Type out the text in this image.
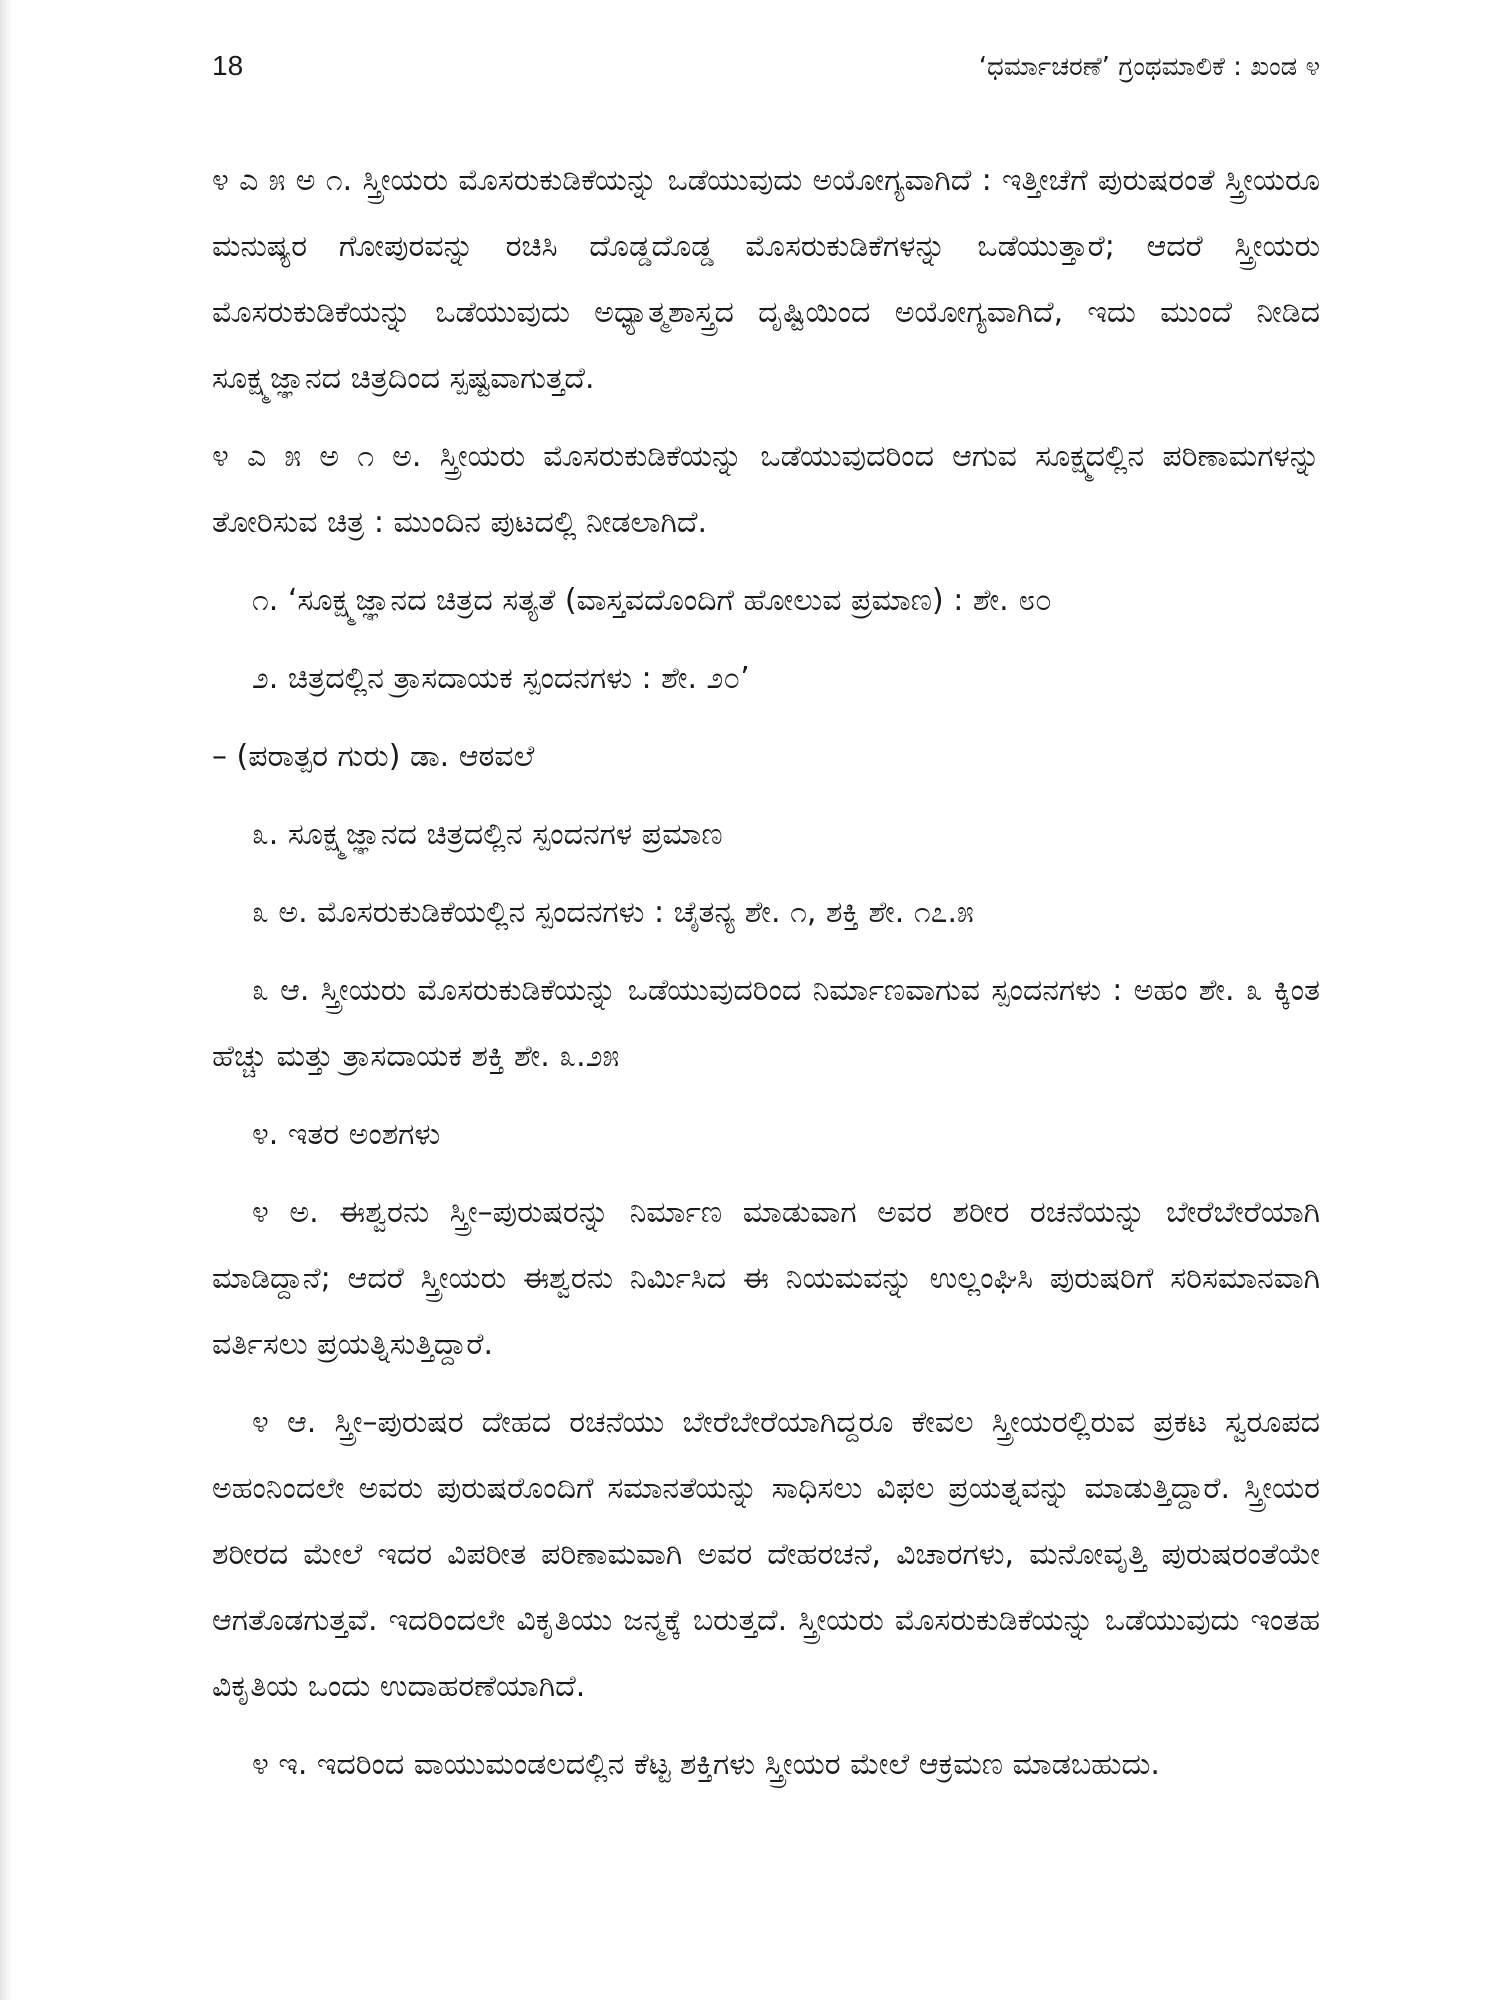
18	‘ಧರ್ಮಾಚರಣೆ’ ಗ್ರಂಥಮಾಲಿಕೆ : ಖಂಡ ೪

೪ ಎ ೫ ಅ ೧. ಸ್ತ್ರೀಯರು ಮೊಸರುಕುಡಿಕೆಯನ್ನು ಒಡೆಯುವುದು ಅಯೋಗ್ಯವಾಗಿದೆ : ಇತ್ತೀಚೆಗೆ ಪುರುಷರಂತೆ ಸ್ತ್ರೀಯರೂ ಮನುಷ್ಯರ ಗೋಪುರವನ್ನು ರಚಿಸಿ ದೊಡ್ಡದೊಡ್ಡ ಮೊಸರುಕುಡಿಕೆಗಳನ್ನು ಒಡೆಯುತ್ತಾರೆ; ಆದರೆ ಸ್ತ್ರೀಯರು ಮೊಸರುಕುಡಿಕೆಯನ್ನು ಒಡೆಯುವುದು ಅಧ್ಯಾತ್ಮಶಾಸ್ತ್ರದ ದೃಷ್ಟಿಯಿಂದ ಅಯೋಗ್ಯವಾಗಿದೆ, ಇದು ಮುಂದೆ ನೀಡಿದ ಸೂಕ್ಷ್ಮಜ್ಞಾನದ ಚಿತ್ರದಿಂದ ಸ್ಪಷ್ಟವಾಗುತ್ತದೆ.

೪ ಎ ೫ ಅ ೧ ಅ. ಸ್ತ್ರೀಯರು ಮೊಸರುಕುಡಿಕೆಯನ್ನು ಒಡೆಯುವುದರಿಂದ ಆಗುವ ಸೂಕ್ಷ್ಮದಲ್ಲಿನ ಪರಿಣಾಮಗಳನ್ನು ತೋರಿಸುವ ಚಿತ್ರ : ಮುಂದಿನ ಪುಟದಲ್ಲಿ ನೀಡಲಾಗಿದೆ.

೧. ‘ಸೂಕ್ಷ್ಮಜ್ಞಾನದ ಚಿತ್ರದ ಸತ್ಯತೆ (ವಾಸ್ತವದೊಂದಿಗೆ ಹೋಲುವ ಪ್ರಮಾಣ) : ಶೇ. ೮೦

೨. ಚಿತ್ರದಲ್ಲಿನ ತ್ರಾಸದಾಯಕ ಸ್ಪಂದನಗಳು : ಶೇ. ೨೦’

– (ಪರಾತ್ಪರ ಗುರು) ಡಾ. ಆಠವಲೆ

೩. ಸೂಕ್ಷ್ಮಜ್ಞಾನದ ಚಿತ್ರದಲ್ಲಿನ ಸ್ಪಂದನಗಳ ಪ್ರಮಾಣ

೩ ಅ. ಮೊಸರುಕುಡಿಕೆಯಲ್ಲಿನ ಸ್ಪಂದನಗಳು : ಚೈತನ್ಯ ಶೇ. ೧, ಶಕ್ತಿ ಶೇ. ೧೭.೫

೩ ಆ. ಸ್ತ್ರೀಯರು ಮೊಸರುಕುಡಿಕೆಯನ್ನು ಒಡೆಯುವುದರಿಂದ ನಿರ್ಮಾಣವಾಗುವ ಸ್ಪಂದನಗಳು : ಅಹಂ ಶೇ. ೩ ಕ್ಕಿಂತ ಹೆಚ್ಚು ಮತ್ತು ತ್ರಾಸದಾಯಕ ಶಕ್ತಿ ಶೇ. ೩.೨೫

೪. ಇತರ ಅಂಶಗಳು

೪ ಅ. ಈಶ್ವರನು ಸ್ತ್ರೀ–ಪುರುಷರನ್ನು ನಿರ್ಮಾಣ ಮಾಡುವಾಗ ಅವರ ಶರೀರ ರಚನೆಯನ್ನು ಬೇರೆಬೇರೆಯಾಗಿ ಮಾಡಿದ್ದಾನೆ; ಆದರೆ ಸ್ತ್ರೀಯರು ಈಶ್ವರನು ನಿರ್ಮಿಸಿದ ಈ ನಿಯಮವನ್ನು ಉಲ್ಲಂಘಿಸಿ ಪುರುಷರಿಗೆ ಸರಿಸಮಾನವಾಗಿ ವರ್ತಿಸಲು ಪ್ರಯತ್ನಿಸುತ್ತಿದ್ದಾರೆ.

೪ ಆ. ಸ್ತ್ರೀ–ಪುರುಷರ ದೇಹದ ರಚನೆಯು ಬೇರೆಬೇರೆಯಾಗಿದ್ದರೂ ಕೇವಲ ಸ್ತ್ರೀಯರಲ್ಲಿರುವ ಪ್ರಕಟ ಸ್ವರೂಪದ ಅಹಂನಿಂದಲೇ ಅವರು ಪುರುಷರೊಂದಿಗೆ ಸಮಾನತೆಯನ್ನು ಸಾಧಿಸಲು ವಿಫಲ ಪ್ರಯತ್ನವನ್ನು ಮಾಡುತ್ತಿದ್ದಾರೆ. ಸ್ತ್ರೀಯರ ಶರೀರದ ಮೇಲೆ ಇದರ ವಿಪರೀತ ಪರಿಣಾಮವಾಗಿ ಅವರ ದೇಹರಚನೆ, ವಿಚಾರಗಳು, ಮನೋವೃತ್ತಿ ಪುರುಷರಂತೆಯೇ ಆಗತೊಡಗುತ್ತವೆ. ಇದರಿಂದಲೇ ವಿಕೃತಿಯು ಜನ್ಮಕ್ಕೆ ಬರುತ್ತದೆ. ಸ್ತ್ರೀಯರು ಮೊಸರುಕುಡಿಕೆಯನ್ನು ಒಡೆಯುವುದು ಇಂತಹ ವಿಕೃತಿಯ ಒಂದು ಉದಾಹರಣೆಯಾಗಿದೆ.

೪ ಇ. ಇದರಿಂದ ವಾಯುಮಂಡಲದಲ್ಲಿನ ಕೆಟ್ಟ ಶಕ್ತಿಗಳು ಸ್ತ್ರೀಯರ ಮೇಲೆ ಆಕ್ರಮಣ ಮಾಡಬಹುದು.
